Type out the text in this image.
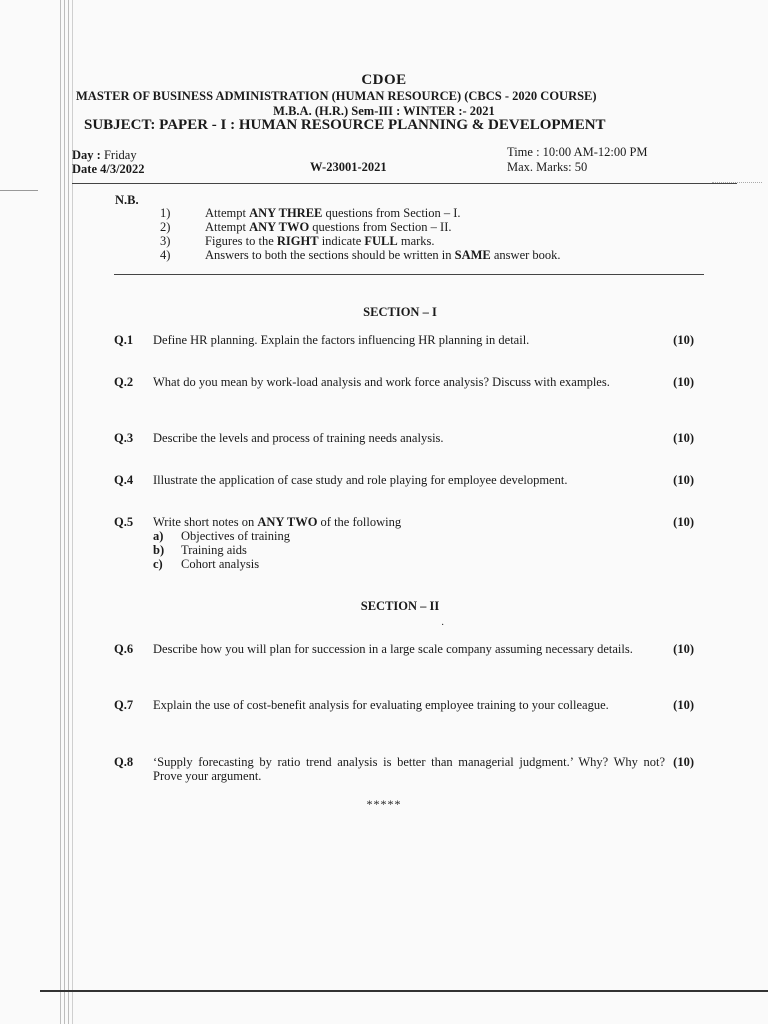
CDOE
MASTER OF BUSINESS ADMINISTRATION (HUMAN RESOURCE) (CBCS - 2020 COURSE)
M.B.A. (H.R.) Sem-III : WINTER :- 2021
SUBJECT: PAPER - I : HUMAN RESOURCE PLANNING & DEVELOPMENT
Day : Friday
Date 4/3/2022	W-23001-2021
Time : 10:00 AM-12:00 PM
Max. Marks: 50
N.B.
1)	Attempt ANY THREE questions from Section – I.
2)	Attempt ANY TWO questions from Section – II.
3)	Figures to the RIGHT indicate FULL marks.
4)	Answers to both the sections should be written in SAME answer book.
SECTION – I
Q.1 Define HR planning. Explain the factors influencing HR planning in detail.	(10)
Q.2 What do you mean by work-load analysis and work force analysis? Discuss with examples.	(10)
Q.3 Describe the levels and process of training needs analysis.	(10)
Q.4 Illustrate the application of case study and role playing for employee development.	(10)
Q.5 Write short notes on ANY TWO of the following
a)	Objectives of training
b)	Training aids
c)	Cohort analysis
(10)
SECTION – II
·
Q.6 Describe how you will plan for succession in a large scale company assuming necessary details.	(10)
Q.7 Explain the use of cost-benefit analysis for evaluating employee training to your colleague.	(10)
Q.8 ‘Supply forecasting by ratio trend analysis is better than managerial judgment.’ Why? Why not? Prove your argument.
(10)
*****
